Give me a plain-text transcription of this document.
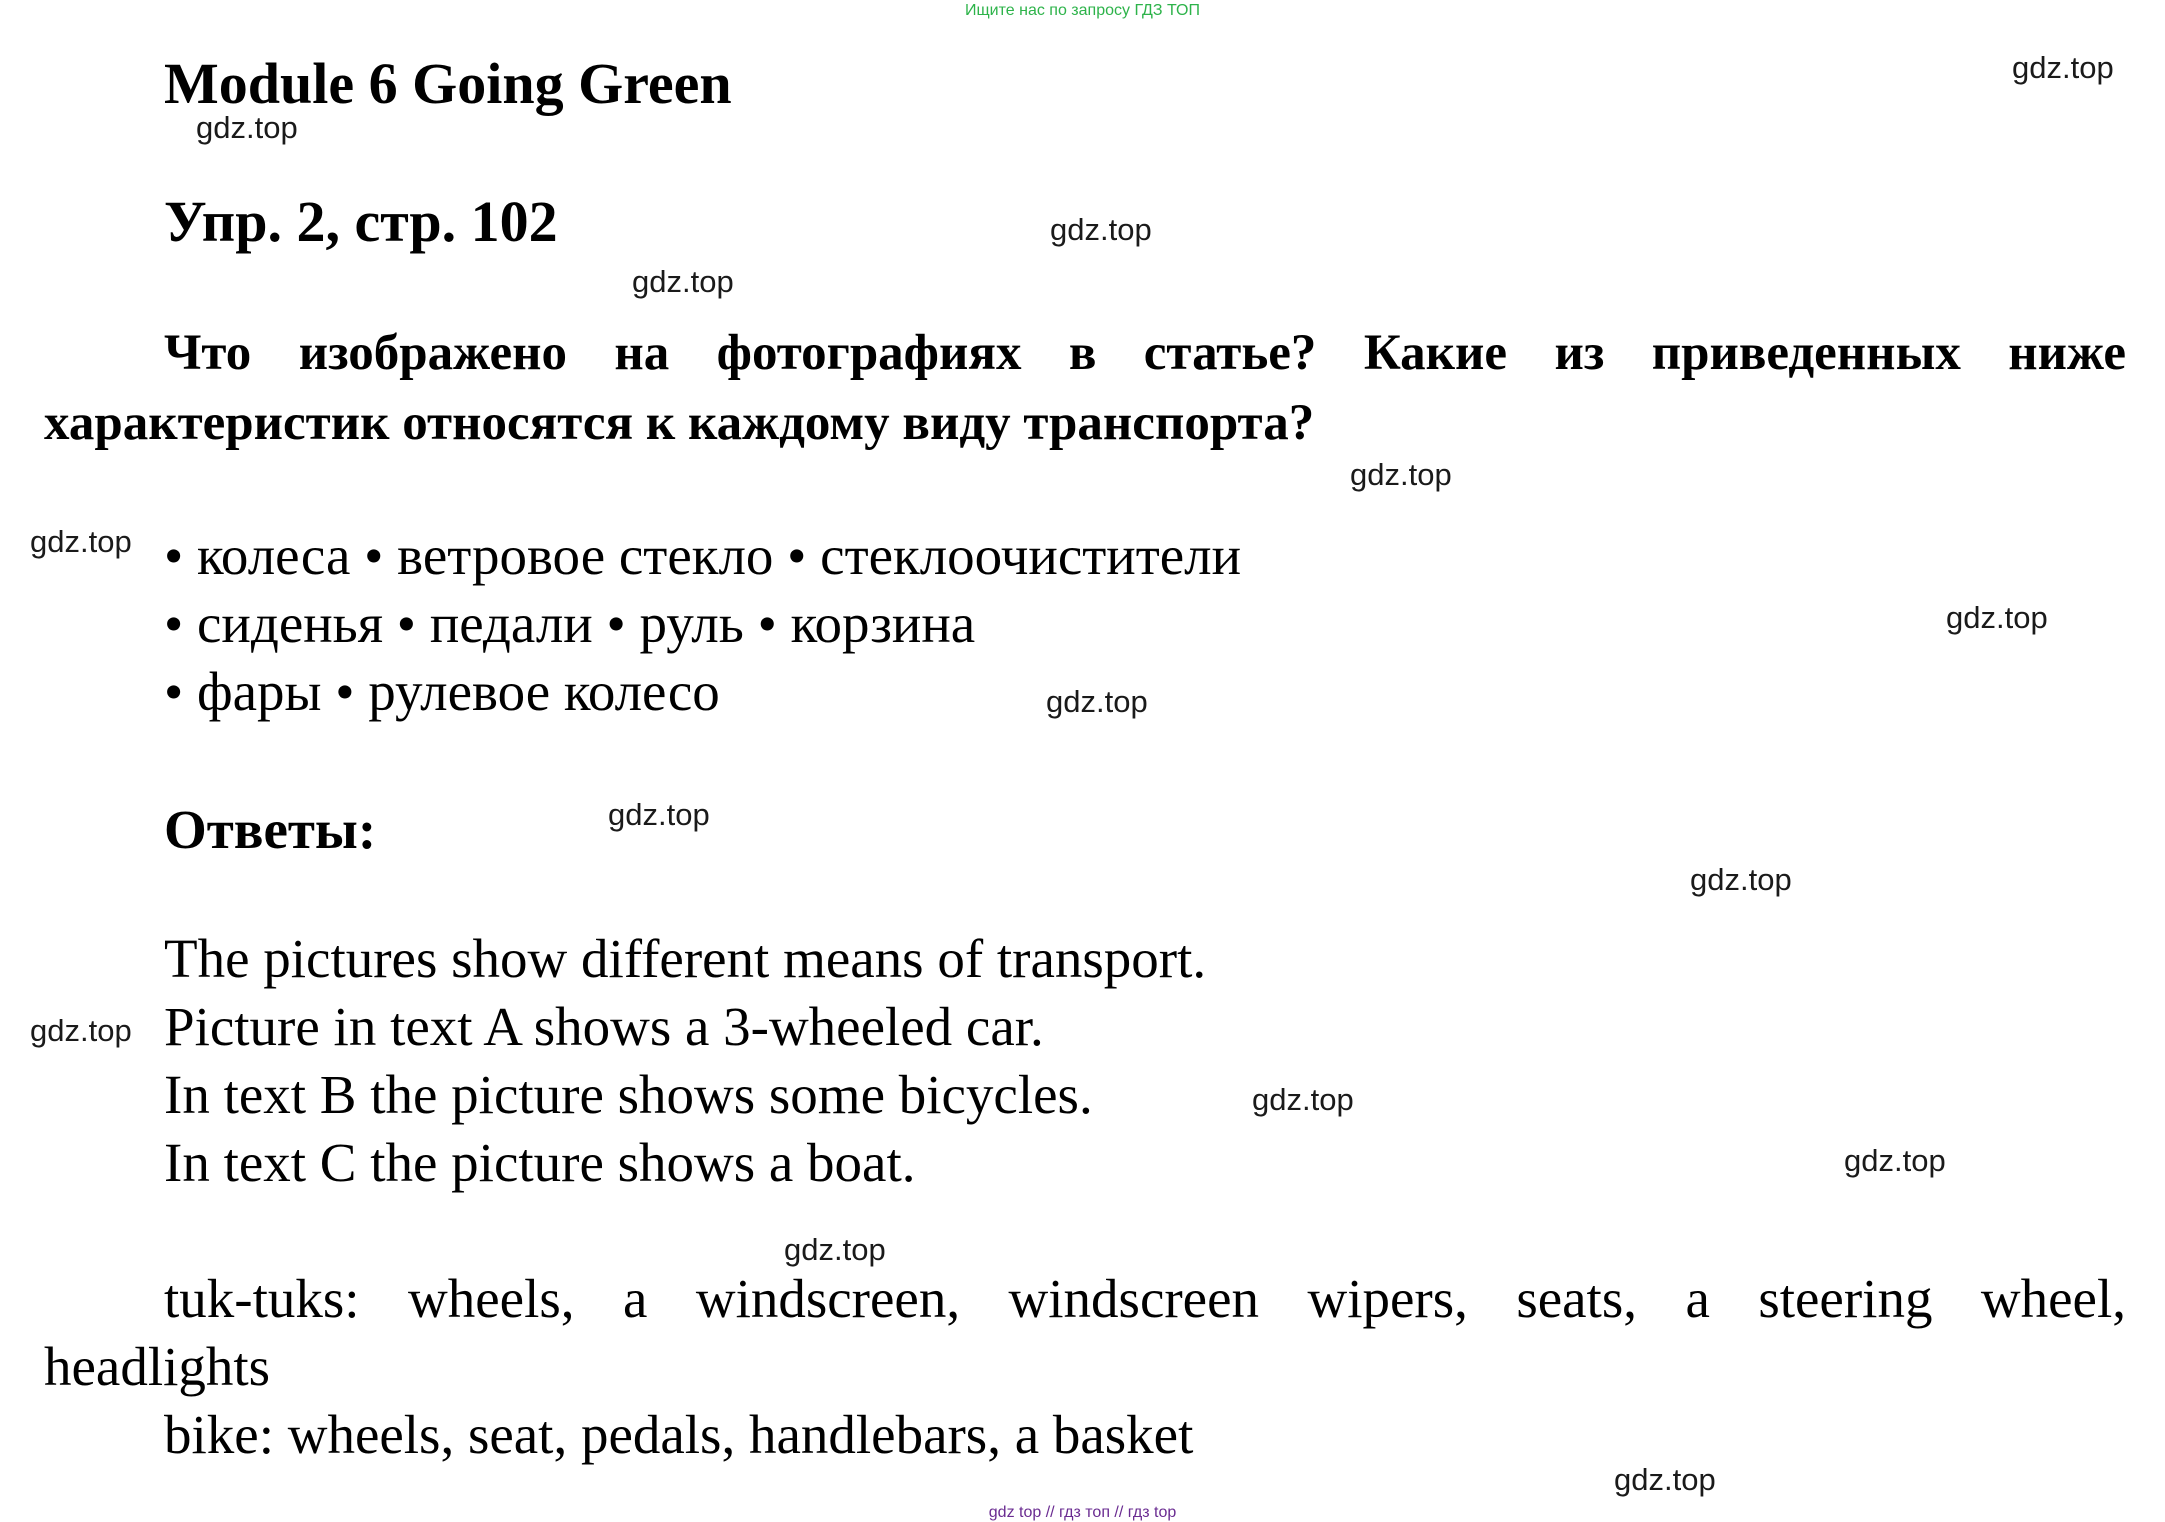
Ищите нас по запросу ГДЗ ТОП
Module 6 Going Green
Упр. 2, стр. 102
Что изображено на фотографиях в статье? Какие из приведенных ниже характеристик относятся к каждому виду транспорта?
• колеса • ветровое стекло • стеклоочистители
• сиденья • педали • руль • корзина
• фары • рулевое колесо
Ответы:
The pictures show different means of transport.
Picture in text A shows a 3-wheeled car.
In text B the picture shows some bicycles.
In text C the picture shows a boat.
tuk-tuks: wheels, a windscreen, windscreen wipers, seats, a steering wheel,
headlights
bike: wheels, seat, pedals, handlebars, a basket
gdz.top
gdz.top
gdz.top
gdz.top
gdz.top
gdz.top
gdz.top
gdz.top
gdz.top
gdz.top
gdz.top
gdz.top
gdz.top
gdz.top
gdz.top
gdz top // гдз топ // гдз top
